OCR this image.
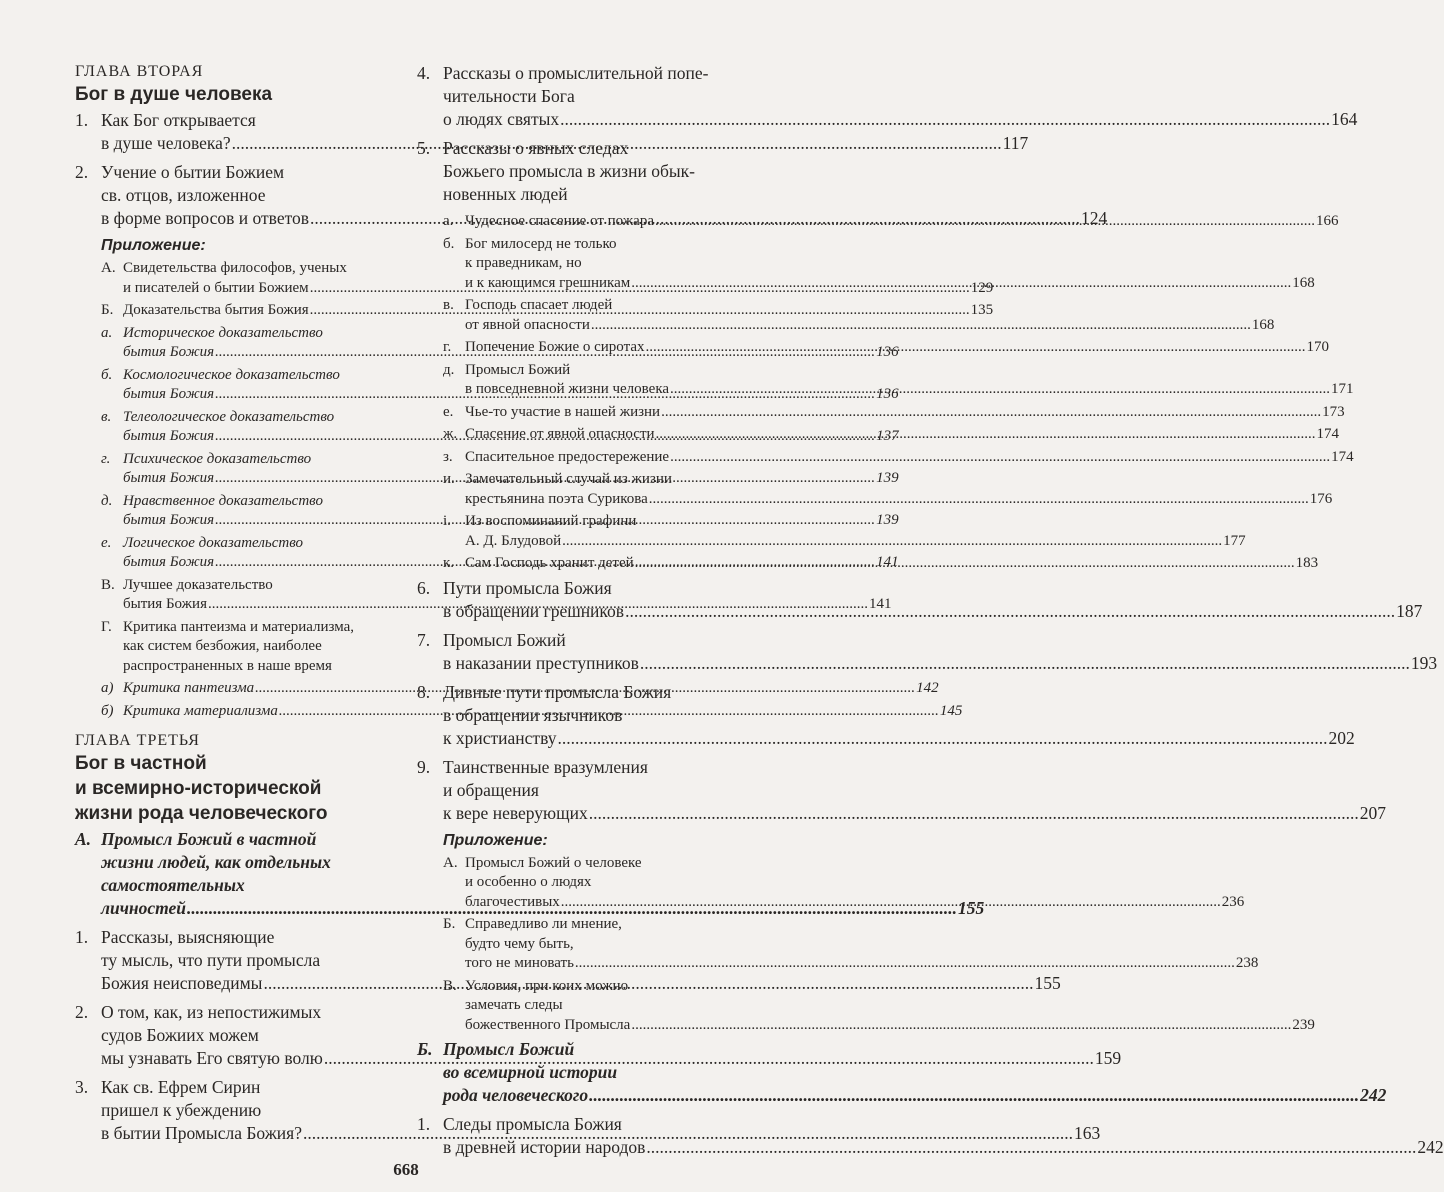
ГЛАВА ВТОРАЯ
Бог в душе человека
1. Как Бог открывается
в душе человека? .....	117
2. Учение о бытии Божием
св. отцов, изложенное
в форме вопросов и ответов .....	124
Приложение:
А. Свидетельства философов, ученых
и писателей о бытии Божием .....	129
Б. Доказательства бытия Божия .....	135
а. Историческое доказательство
бытия Божия .....	136
б. Космологическое доказательство
бытия Божия .....	136
в. Телеологическое доказательство
бытия Божия .....	137
г. Психическое доказательство
бытия Божия .....	139
д. Нравственное доказательство
бытия Божия .....	139
е. Логическое доказательство
бытия Божия .....	141
В. Лучшее доказательство
бытия Божия .....	141
Г. Критика пантеизма и материализма,
как систем безбожия, наиболее
распространенных в наше время
а) Критика пантеизма .....	142
б) Критика материализма .....	145
ГЛАВА ТРЕТЬЯ
Бог в частной
и всемирно-исторической
жизни рода человеческого
А. Промысл Божий в частной
жизни людей, как отдельных
самостоятельных
личностей .....	155
1. Рассказы, выясняющие
ту мысль, что пути промысла
Божия неисповедимы .....	155
2. О том, как, из непостижимых
судов Божиих можем
мы узнавать Его святую волю .....	159
3. Как св. Ефрем Сирин
пришел к убеждению
в бытии Промысла Божия? .....	163
4. Рассказы о промыслительной попе-
чительности Бога
о людях святых .....	164
5. Рассказы о явных следах
Божьего промысла в жизни обык-
новенных людей
а. Чудесное спасение от пожара .....	166
б. Бог милосерд не только
к праведникам, но
и к кающимся грешникам .....	168
в. Господь спасает людей
от явной опасности .....	168
г. Попечение Божие о сиротах .....	170
д. Промысл Божий
в повседневной жизни человека .....	171
е. Чье-то участие в нашей жизни .....	173
ж. Спасение от явной опасности .....	174
з. Спасительное предостережение .....	174
и. Замечательный случай из жизни
крестьянина поэта Сурикова .....	176
i. Из воспоминаний графини
А. Д. Блудовой .....	177
к. Сам Господь хранит детей .....	183
6. Пути промысла Божия
в обращении грешников .....	187
7. Промысл Божий
в наказании преступников .....	193
8. Дивные пути промысла Божия
в обращении язычников
к христианству .....	202
9. Таинственные вразумления
и обращения
к вере неверующих .....	207
Приложение:
А. Промысл Божий о человеке
и особенно о людях
благочестивых .....	236
Б. Справедливо ли мнение,
будто чему быть,
того не миновать .....	238
В. Условия, при коих можно
замечать следы
божественного Промысла .....	239
Б. Промысл Божий
во всемирной истории
рода человеческого .....	242
1. Следы промысла Божия
в древней истории народов .....	242
668
